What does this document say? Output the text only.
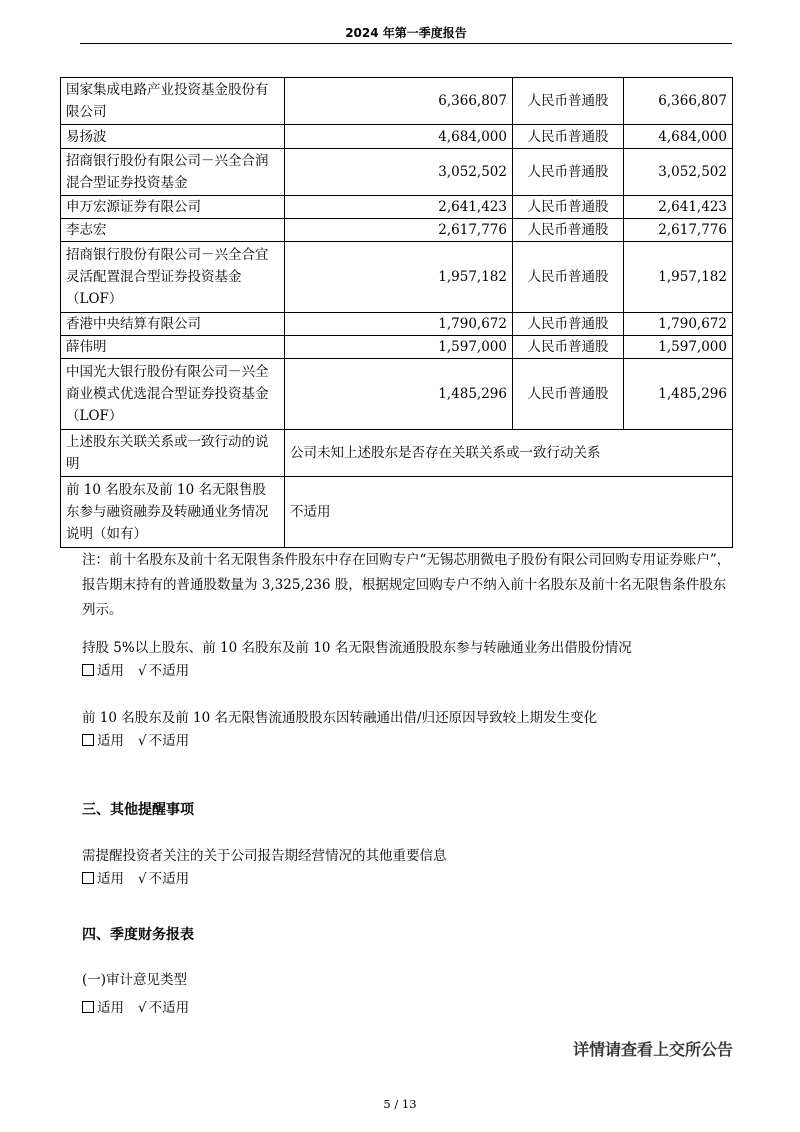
2024 年第一季度报告
国家集成电路产业投资基金股份有限公司	6,366,807	人民币普通股	6,366,807
易扬波	4,684,000	人民币普通股	4,684,000
招商银行股份有限公司－兴全合润混合型证券投资基金	3,052,502	人民币普通股	3,052,502
申万宏源证券有限公司	2,641,423	人民币普通股	2,641,423
李志宏	2,617,776	人民币普通股	2,617,776
招商银行股份有限公司－兴全合宜灵活配置混合型证券投资基金（LOF）	1,957,182	人民币普通股	1,957,182
香港中央结算有限公司	1,790,672	人民币普通股	1,790,672
薛伟明	1,597,000	人民币普通股	1,597,000
中国光大银行股份有限公司－兴全商业模式优选混合型证券投资基金（LOF）	1,485,296	人民币普通股	1,485,296
上述股东关联关系或一致行动的说明	公司未知上述股东是否存在关联关系或一致行动关系		
前 10 名股东及前 10 名无限售股东参与融资融券及转融通业务情况说明（如有）	不适用		
注：前十名股东及前十名无限售条件股东中存在回购专户“无锡芯朋微电子股份有限公司回购专用证券账户”，报告期末持有的普通股数量为 3,325,236 股，根据规定回购专户不纳入前十名股东及前十名无限售条件股东列示。
持股 5%以上股东、前 10 名股东及前 10 名无限售流通股股东参与转融通业务出借股份情况
适用 √ 不适用
前 10 名股东及前 10 名无限售流通股股东因转融通出借/归还原因导致较上期发生变化
适用 √ 不适用
三、其他提醒事项
需提醒投资者关注的关于公司报告期经营情况的其他重要信息
适用 √ 不适用
四、季度财务报表
(一)审计意见类型
适用 √ 不适用
详情请查看上交所公告
5 / 13
